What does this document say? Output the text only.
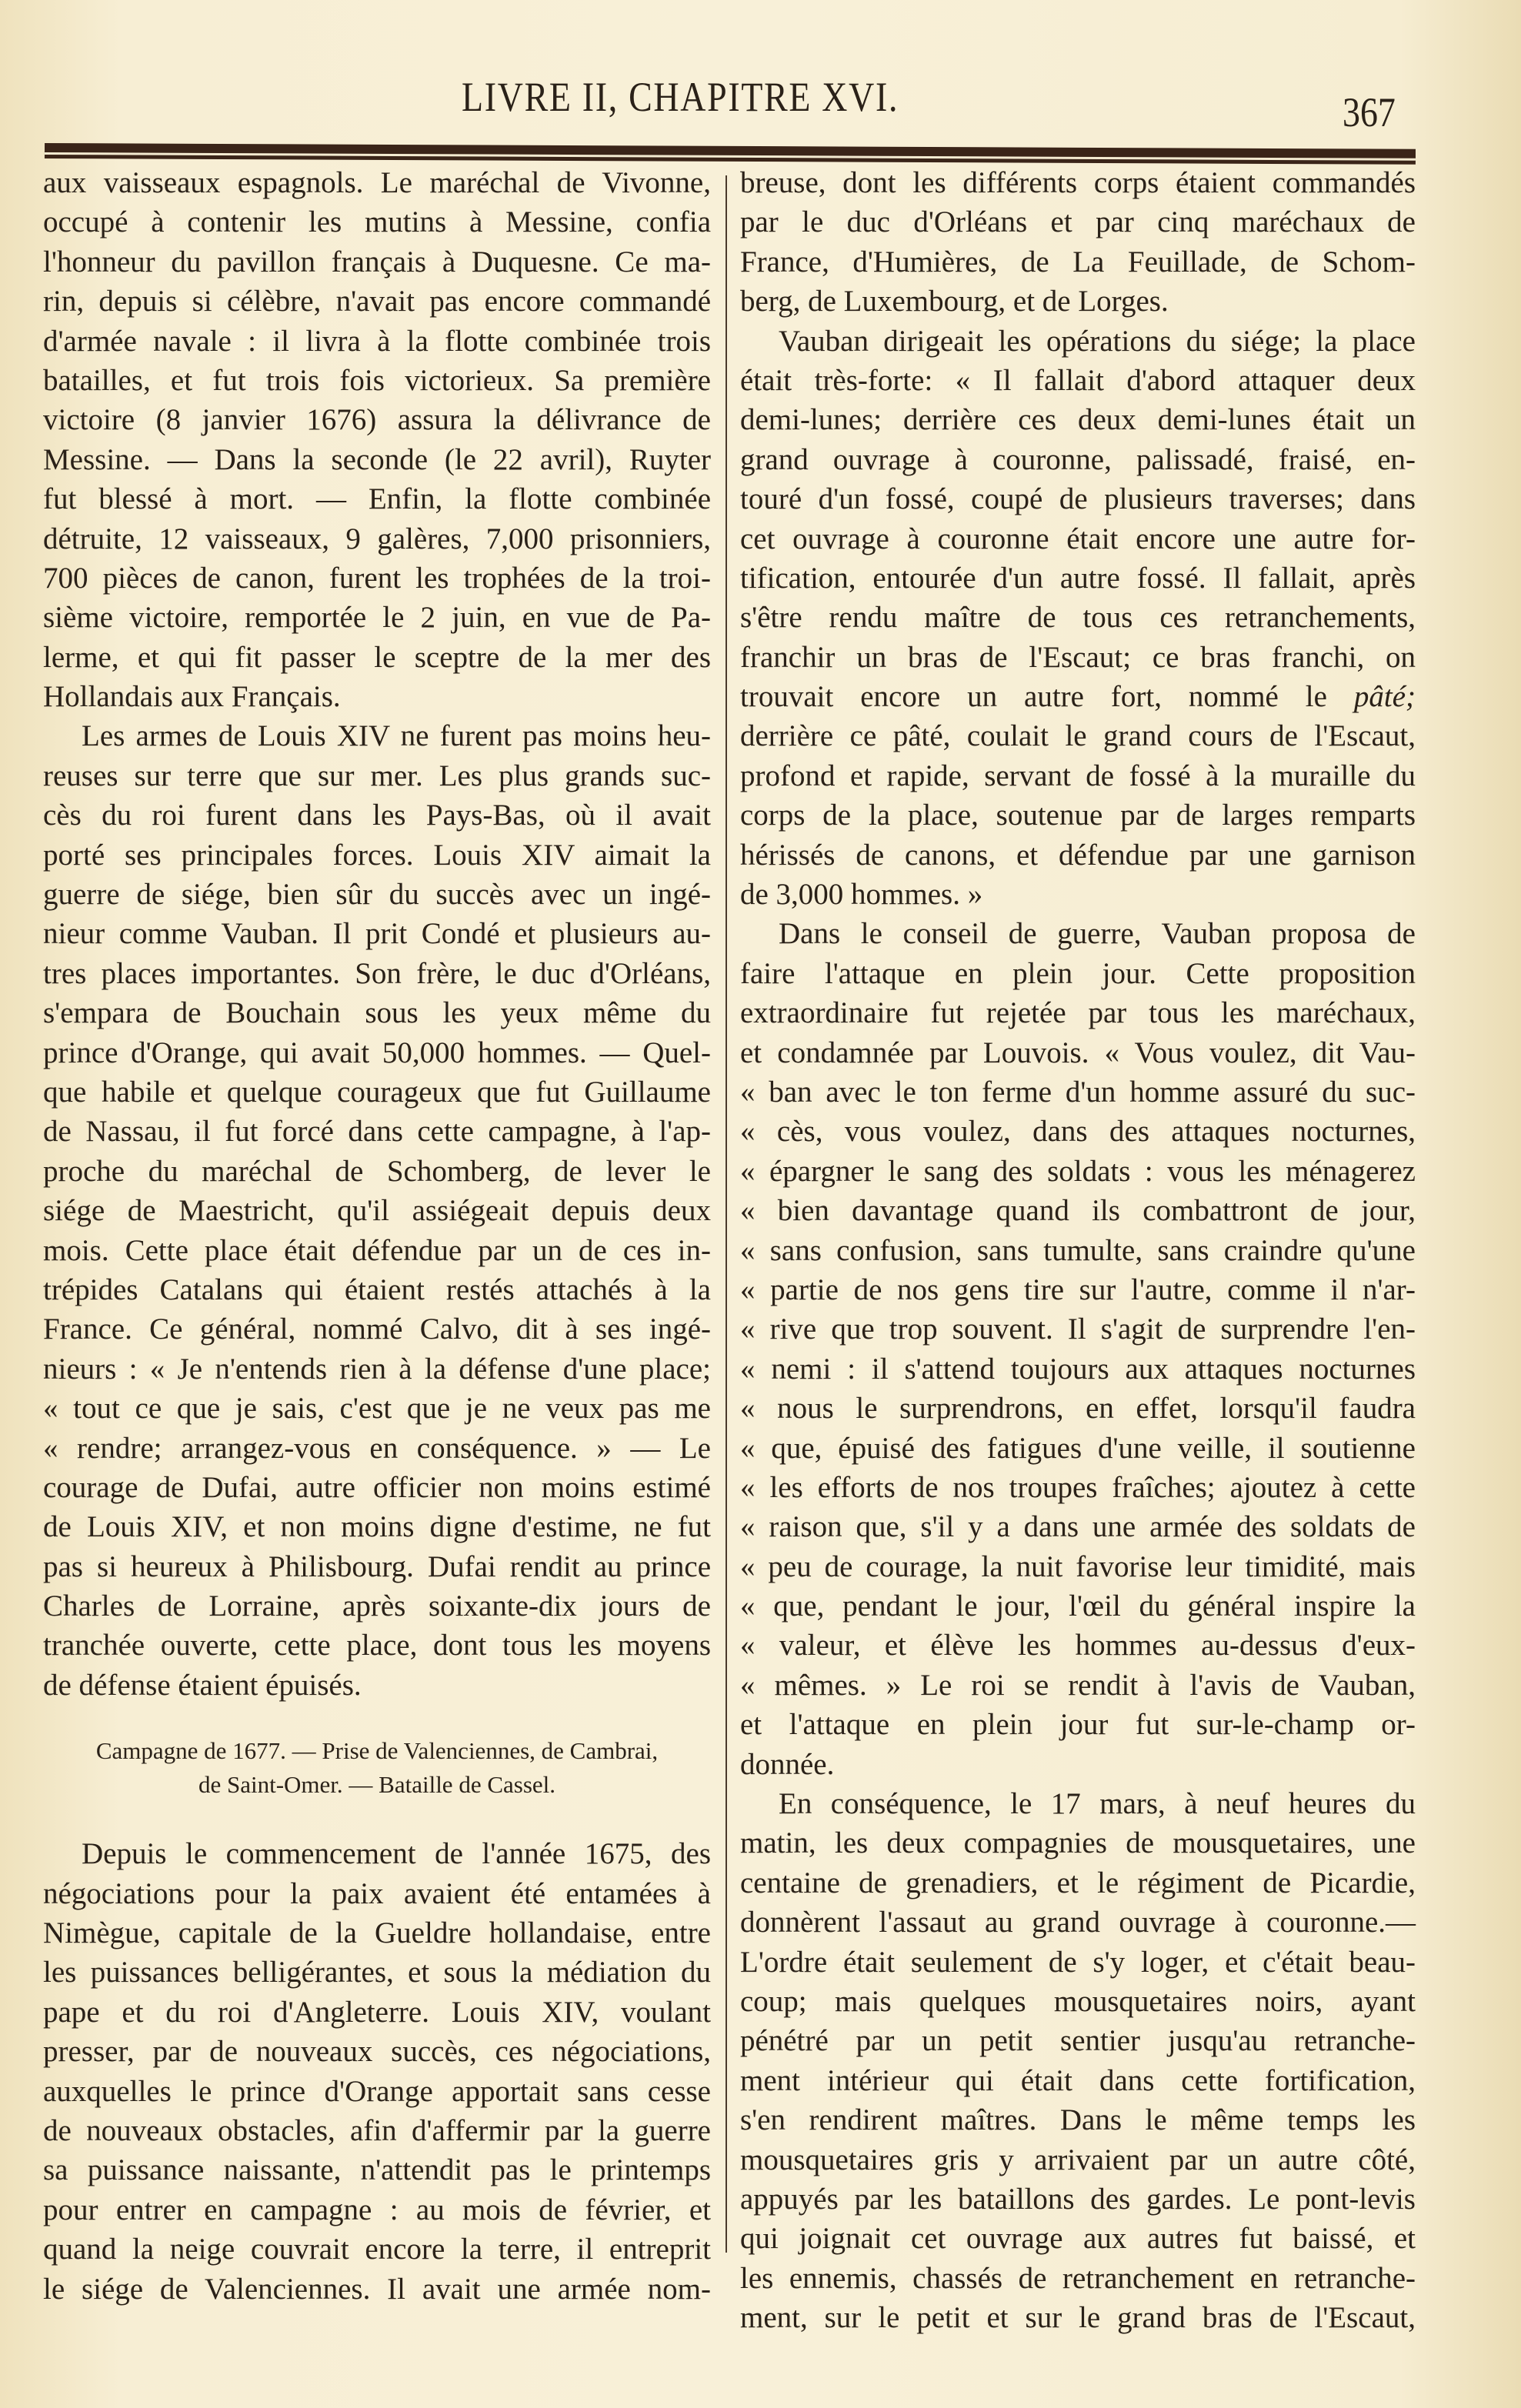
LIVRE II, CHAPITRE XVI.	367
aux vaisseaux espagnols. Le maréchal de Vivonne,
occupé à contenir les mutins à Messine, confia
l'honneur du pavillon français à Duquesne. Ce ma-
rin, depuis si célèbre, n'avait pas encore commandé
d'armée navale : il livra à la flotte combinée trois
batailles, et fut trois fois victorieux. Sa première
victoire (8 janvier 1676) assura la délivrance de
Messine. — Dans la seconde (le 22 avril), Ruyter
fut blessé à mort. — Enfin, la flotte combinée
détruite, 12 vaisseaux, 9 galères, 7,000 prisonniers,
700 pièces de canon, furent les trophées de la troi-
sième victoire, remportée le 2 juin, en vue de Pa-
lerme, et qui fit passer le sceptre de la mer des
Hollandais aux Français.
Les armes de Louis XIV ne furent pas moins heu-
reuses sur terre que sur mer. Les plus grands suc-
cès du roi furent dans les Pays-Bas, où il avait
porté ses principales forces. Louis XIV aimait la
guerre de siége, bien sûr du succès avec un ingé-
nieur comme Vauban. Il prit Condé et plusieurs au-
tres places importantes. Son frère, le duc d'Orléans,
s'empara de Bouchain sous les yeux même du
prince d'Orange, qui avait 50,000 hommes. — Quel-
que habile et quelque courageux que fut Guillaume
de Nassau, il fut forcé dans cette campagne, à l'ap-
proche du maréchal de Schomberg, de lever le
siége de Maestricht, qu'il assiégeait depuis deux
mois. Cette place était défendue par un de ces in-
trépides Catalans qui étaient restés attachés à la
France. Ce général, nommé Calvo, dit à ses ingé-
nieurs : « Je n'entends rien à la défense d'une place;
« tout ce que je sais, c'est que je ne veux pas me
« rendre; arrangez-vous en conséquence. » — Le
courage de Dufai, autre officier non moins estimé
de Louis XIV, et non moins digne d'estime, ne fut
pas si heureux à Philisbourg. Dufai rendit au prince
Charles de Lorraine, après soixante-dix jours de
tranchée ouverte, cette place, dont tous les moyens
de défense étaient épuisés.
Campagne de 1677. — Prise de Valenciennes, de Cambrai,
de Saint-Omer. — Bataille de Cassel.
Depuis le commencement de l'année 1675, des
négociations pour la paix avaient été entamées à
Nimègue, capitale de la Gueldre hollandaise, entre
les puissances belligérantes, et sous la médiation du
pape et du roi d'Angleterre. Louis XIV, voulant
presser, par de nouveaux succès, ces négociations,
auxquelles le prince d'Orange apportait sans cesse
de nouveaux obstacles, afin d'affermir par la guerre
sa puissance naissante, n'attendit pas le printemps
pour entrer en campagne : au mois de février, et
quand la neige couvrait encore la terre, il entreprit
le siége de Valenciennes. Il avait une armée nom-
breuse, dont les différents corps étaient commandés
par le duc d'Orléans et par cinq maréchaux de
France, d'Humières, de La Feuillade, de Schom-
berg, de Luxembourg, et de Lorges.
Vauban dirigeait les opérations du siége; la place
était très-forte: « Il fallait d'abord attaquer deux
demi-lunes; derrière ces deux demi-lunes était un
grand ouvrage à couronne, palissadé, fraisé, en-
touré d'un fossé, coupé de plusieurs traverses; dans
cet ouvrage à couronne était encore une autre for-
tification, entourée d'un autre fossé. Il fallait, après
s'être rendu maître de tous ces retranchements,
franchir un bras de l'Escaut; ce bras franchi, on
trouvait encore un autre fort, nommé le pâté;
derrière ce pâté, coulait le grand cours de l'Escaut,
profond et rapide, servant de fossé à la muraille du
corps de la place, soutenue par de larges remparts
hérissés de canons, et défendue par une garnison
de 3,000 hommes. »
Dans le conseil de guerre, Vauban proposa de
faire l'attaque en plein jour. Cette proposition
extraordinaire fut rejetée par tous les maréchaux,
et condamnée par Louvois. « Vous voulez, dit Vau-
« ban avec le ton ferme d'un homme assuré du suc-
« cès, vous voulez, dans des attaques nocturnes,
« épargner le sang des soldats : vous les ménagerez
« bien davantage quand ils combattront de jour,
« sans confusion, sans tumulte, sans craindre qu'une
« partie de nos gens tire sur l'autre, comme il n'ar-
« rive que trop souvent. Il s'agit de surprendre l'en-
« nemi : il s'attend toujours aux attaques nocturnes
« nous le surprendrons, en effet, lorsqu'il faudra
« que, épuisé des fatigues d'une veille, il soutienne
« les efforts de nos troupes fraîches; ajoutez à cette
« raison que, s'il y a dans une armée des soldats de
« peu de courage, la nuit favorise leur timidité, mais
« que, pendant le jour, l'œil du général inspire la
« valeur, et élève les hommes au-dessus d'eux-
« mêmes. » Le roi se rendit à l'avis de Vauban,
et l'attaque en plein jour fut sur-le-champ or-
donnée.
En conséquence, le 17 mars, à neuf heures du
matin, les deux compagnies de mousquetaires, une
centaine de grenadiers, et le régiment de Picardie,
donnèrent l'assaut au grand ouvrage à couronne.—
L'ordre était seulement de s'y loger, et c'était beau-
coup; mais quelques mousquetaires noirs, ayant
pénétré par un petit sentier jusqu'au retranche-
ment intérieur qui était dans cette fortification,
s'en rendirent maîtres. Dans le même temps les
mousquetaires gris y arrivaient par un autre côté,
appuyés par les bataillons des gardes. Le pont-levis
qui joignait cet ouvrage aux autres fut baissé, et
les ennemis, chassés de retranchement en retranche-
ment, sur le petit et sur le grand bras de l'Escaut,
